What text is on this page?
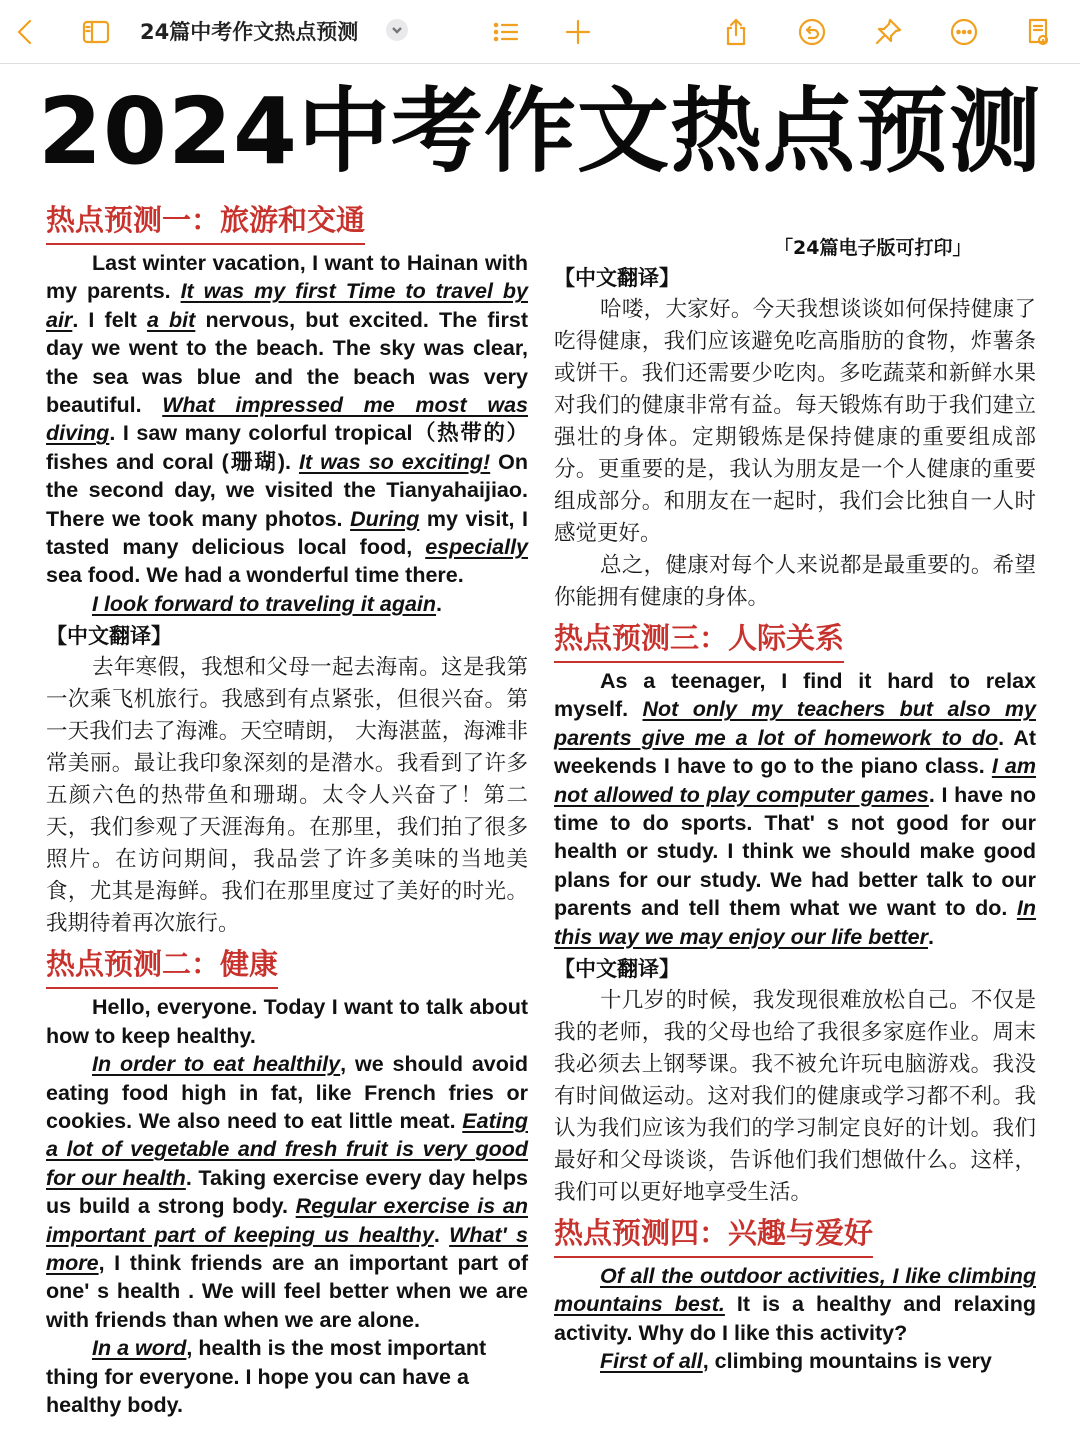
24篇中考作文热点预测
2024中考作文热点预测
热点预测一：旅游和交通

Last winter vacation, I want to Hainan with my parents. It was my first Time to travel by air. I felt a bit nervous, but excited. The first day we went to the beach. The sky was clear, the sea was blue and the beach was very beautiful. What impressed me most was diving. I saw many colorful tropical（热带的） fishes and coral (珊瑚). It was so exciting! On the second day, we visited the Tianyahaijiao. There we took many photos. During my visit, I tasted many delicious local food, especially sea food. We had a wonderful time there.

I look forward to traveling it again.

【中文翻译】

去年寒假，我想和父母一起去海南。这是我第一次乘飞机旅行。我感到有点紧张，但很兴奋。第一天我们去了海滩。天空晴朗， 大海湛蓝，海滩非常美丽。最让我印象深刻的是潜水。我看到了许多五颜六色的热带鱼和珊瑚。太令人兴奋了！第二天，我们参观了天涯海角。在那里，我们拍了很多照片。在访问期间，我品尝了许多美味的当地美食，尤其是海鲜。我们在那里度过了美好的时光。我期待着再次旅行。

热点预测二：健康

Hello, everyone. Today I want to talk about how to keep healthy.

In order to eat healthily, we should avoid eating food high in fat, like French fries or cookies. We also need to eat little meat. Eating a lot of vegetable and fresh fruit is very good for our health. Taking exercise every day helps us build a strong body. Regular exercise is an important part of keeping us healthy. What' s more, I think friends are an important part of one' s health . We will feel better when we are with friends than when we are alone.

In a word, health is the most important thing for everyone. I hope you can have a healthy body.

「24篇电子版可打印」
【中文翻译】

哈喽，大家好。今天我想谈谈如何保持健康了吃得健康，我们应该避免吃高脂肪的食物，炸薯条或饼干。我们还需要少吃肉。多吃蔬菜和新鲜水果对我们的健康非常有益。每天锻炼有助于我们建立强壮的身体。定期锻炼是保持健康的重要组成部分。更重要的是，我认为朋友是一个人健康的重要组成部分。和朋友在一起时，我们会比独自一人时感觉更好。

总之，健康对每个人来说都是最重要的。希望你能拥有健康的身体。

热点预测三：人际关系

As a teenager, I find it hard to relax myself. Not only my teachers but also my parents give me a lot of homework to do. At weekends I have to go to the piano class. I am not allowed to play computer games. I have no time to do sports. That' s not good for our health or study. I think we should make good plans for our study. We had better talk to our parents and tell them what we want to do. In this way we may enjoy our life better.

【中文翻译】

十几岁的时候，我发现很难放松自己。不仅是我的老师，我的父母也给了我很多家庭作业。周末我必须去上钢琴课。我不被允许玩电脑游戏。我没有时间做运动。这对我们的健康或学习都不利。我认为我们应该为我们的学习制定良好的计划。我们最好和父母谈谈，告诉他们我们想做什么。这样，我们可以更好地享受生活。

热点预测四：兴趣与爱好

Of all the outdoor activities, I like climbing mountains best. It is a healthy and relaxing activity. Why do I like this activity?

First of all, climbing mountains is very
